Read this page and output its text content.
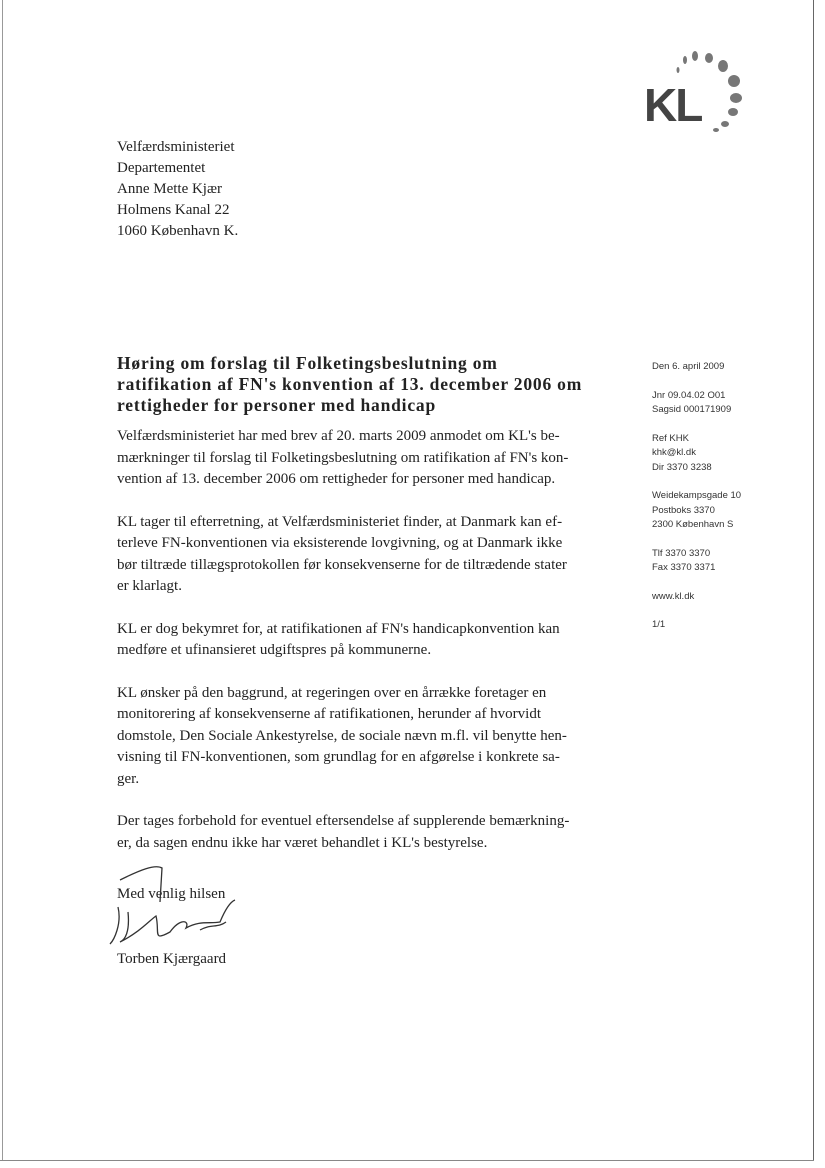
KL
Velfærdsministeriet
Departementet
Anne Mette Kjær
Holmens Kanal 22
1060 København K.
Høring om forslag til Folketingsbeslutning om
ratifikation af FN's konvention af 13. december 2006 om
rettigheder for personer med handicap

Velfærdsministeriet har med brev af 20. marts 2009 anmodet om KL's be-
mærkninger til forslag til Folketingsbeslutning om ratifikation af FN's kon-
vention af 13. december 2006 om rettigheder for personer med handicap.

KL tager til efterretning, at Velfærdsministeriet finder, at Danmark kan ef-
terleve FN-konventionen via eksisterende lovgivning, og at Danmark ikke
bør tiltræde tillægsprotokollen før konsekvenserne for de tiltrædende stater
er klarlagt.

KL er dog bekymret for, at ratifikationen af FN's handicapkonvention kan
medføre et ufinansieret udgiftspres på kommunerne.

KL ønsker på den baggrund, at regeringen over en årrække foretager en
monitorering af konsekvenserne af ratifikationen, herunder af hvorvidt
domstole, Den Sociale Ankestyrelse, de sociale nævn m.fl. vil benytte hen-
visning til FN-konventionen, som grundlag for en afgørelse i konkrete sa-
ger.

Der tages forbehold for eventuel eftersendelse af supplerende bemærkning-
er, da sagen endnu ikke har været behandlet i KL's bestyrelse.

Den 6. april 2009
Jnr 09.04.02 O01
Sagsid 000171909
Ref KHK
khk@kl.dk
Dir 3370 3238
Weidekampsgade 10
Postboks 3370
2300 København S
Tlf 3370 3370
Fax 3370 3371
www.kl.dk
1/1
Med venlig hilsen
Torben Kjærgaard
